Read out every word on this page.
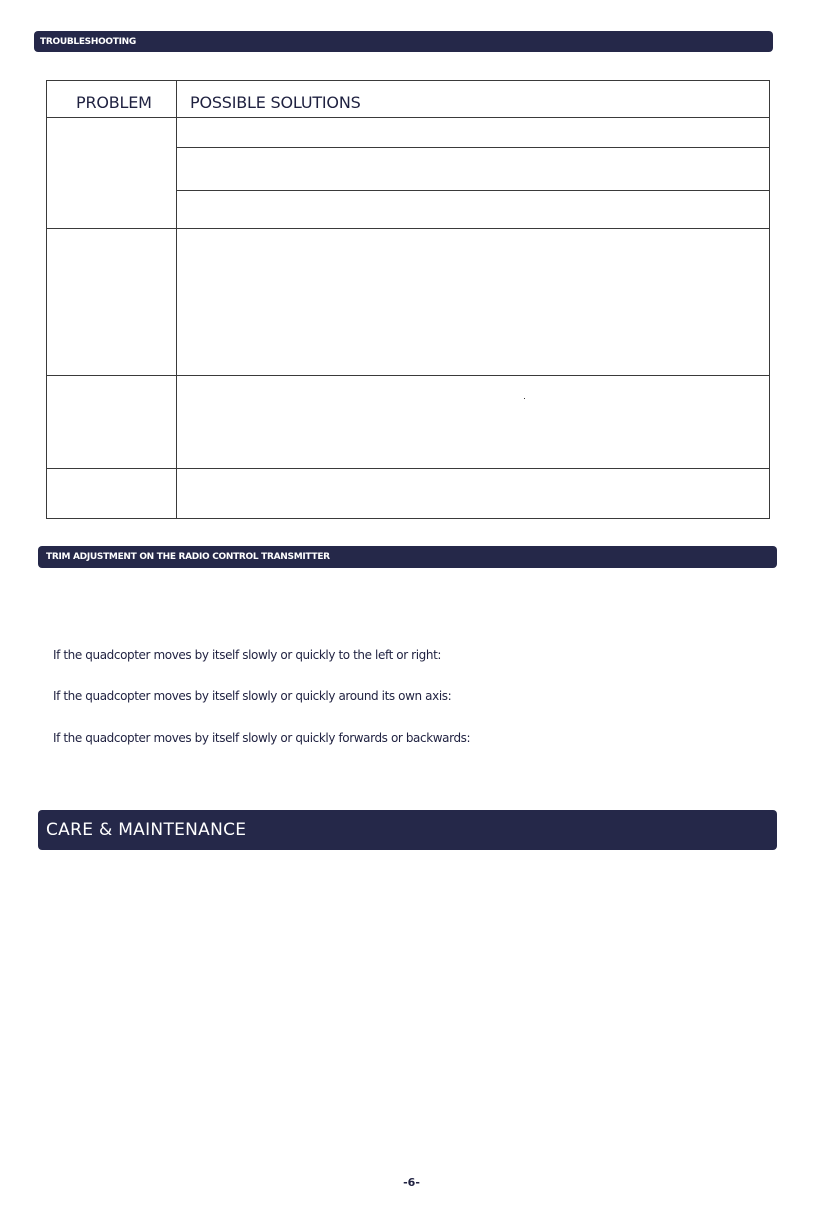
TROUBLESHOOTING
PROBLEM POSSIBLE SOLUTIONS
TRIM ADJUSTMENT ON THE RADIO CONTROL TRANSMITTER
If the quadcopter moves by itself slowly or quickly to the left or right:
If the quadcopter moves by itself slowly or quickly around its own axis:
If the quadcopter moves by itself slowly or quickly forwards or backwards:
CARE & MAINTENANCE
-6-
